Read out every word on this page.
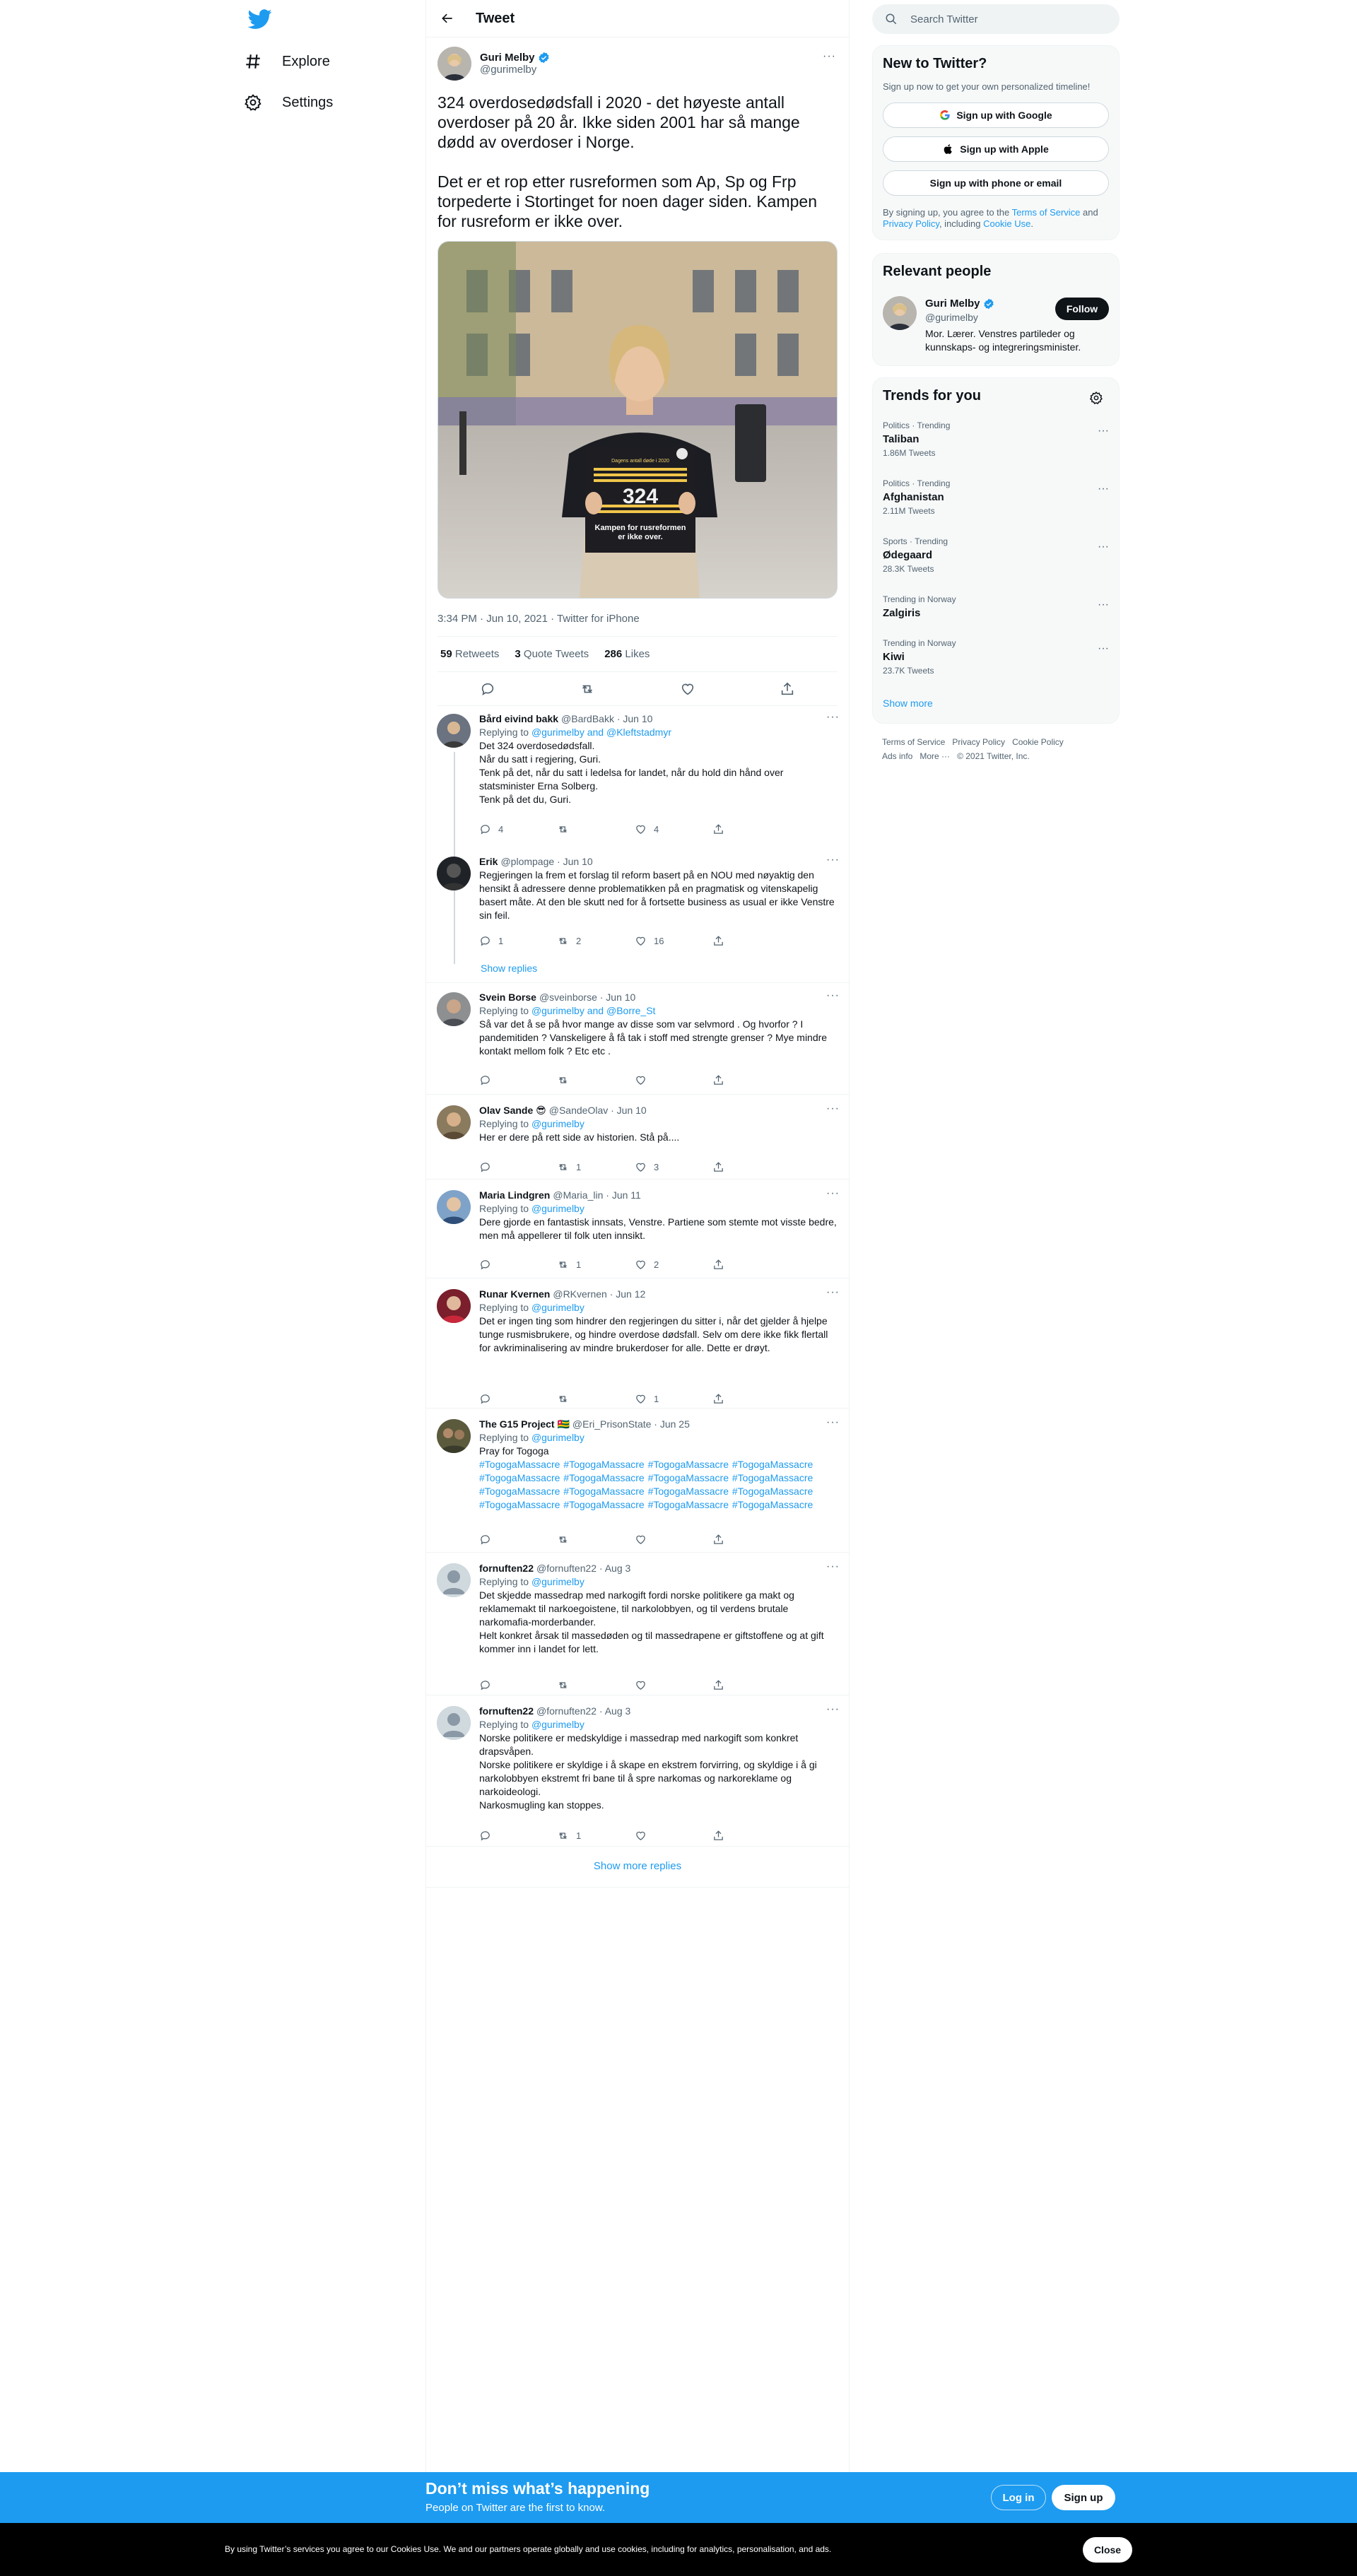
Explore
Settings
Tweet
Guri Melby
@gurimelby
···
324 overdosedødsfall i 2020 - det høyeste antall overdoser på 20 år. Ikke siden 2001 har så mange dødd av overdoser i Norge.

Det er et rop etter rusreformen som Ap, Sp og Frp torpederte i Stortinget for noen dager siden. Kampen for rusreform er ikke over.
Dagens antall døde i 2020
324
Kampen for rusreformen er ikke over.
3:34 PM · Jun 10, 2021 · Twitter for iPhone
59 Retweets 3 Quote Tweets 286 Likes
···
Bård eivind bakk @BardBakk · Jun 10
Replying to @gurimelby and @Kleftstadmyr
Det 324 overdosedødsfall.
Når du satt i regjering, Guri.
Tenk på det, når du satt i ledelsa for landet, når du hold din hånd over statsminister Erna Solberg.
Tenk på det du, Guri.
4	4
···
Erik @plompage · Jun 10
Regjeringen la frem et forslag til reform basert på en NOU med nøyaktig den hensikt å adressere denne problematikken på en pragmatisk og vitenskapelig basert måte. At den ble skutt ned for å fortsette business as usual er ikke Venstre sin feil.
1	2	16
Show replies
···
Svein Borse @sveinborse · Jun 10
Replying to @gurimelby and @Borre_St
Så var det å se på hvor mange av disse som var selvmord . Og hvorfor ? I pandemitiden ? Vanskeligere å få tak i stoff med strengte grenser ? Mye mindre kontakt mellom folk ? Etc etc .
···
Olav Sande 😎 @SandeOlav · Jun 10
Replying to @gurimelby
Her er dere på rett side av historien. Stå på....
1	3
···
Maria Lindgren @Maria_lin · Jun 11
Replying to @gurimelby
Dere gjorde en fantastisk innsats, Venstre. Partiene som stemte mot visste bedre, men må appellerer til folk uten innsikt.
1	2
···
Runar Kvernen @RKvernen · Jun 12
Replying to @gurimelby
Det er ingen ting som hindrer den regjeringen du sitter i, når det gjelder å hjelpe tunge rusmisbrukere, og hindre overdose dødsfall. Selv om dere ikke fikk flertall for avkriminalisering av mindre brukerdoser for alle. Dette er drøyt.
1
···
The G15 Project 🇹🇬 @Eri_PrisonState · Jun 25
Replying to @gurimelby
Pray for Togoga
#TogogaMassacre #TogogaMassacre #TogogaMassacre #TogogaMassacre #TogogaMassacre #TogogaMassacre #TogogaMassacre #TogogaMassacre #TogogaMassacre #TogogaMassacre #TogogaMassacre #TogogaMassacre #TogogaMassacre #TogogaMassacre #TogogaMassacre #TogogaMassacre
···
fornuften22 @fornuften22 · Aug 3
Replying to @gurimelby
Det skjedde massedrap med narkogift fordi norske politikere ga makt og reklamemakt til narkoegoistene, til narkolobbyen, og til verdens brutale narkomafia-morderbander.
Helt konkret årsak til massedøden og til massedrapene er giftstoffene og at gift kommer inn i landet for lett.
···
fornuften22 @fornuften22 · Aug 3
Replying to @gurimelby
Norske politikere er medskyldige i massedrap med narkogift som konkret drapsvåpen.
Norske politikere er skyldige i å skape en ekstrem forvirring, og skyldige i å gi narkolobbyen ekstremt fri bane til å spre narkomas og narkoreklame og narkoideologi.
Narkosmugling kan stoppes.
1
Show more replies
Search Twitter
New to Twitter?
Sign up now to get your own personalized timeline!
Sign up with Google
Sign up with Apple
Sign up with phone or email
By signing up, you agree to the Terms of Service and Privacy Policy, including Cookie Use.
Relevant people
Guri Melby
@gurimelby
Mor. Lærer. Venstres partileder og kunnskaps- og integreringsminister.
Follow
Trends for you
Politics · Trending
Taliban
1.86M Tweets
···
Politics · Trending
Afghanistan
2.11M Tweets
···
Sports · Trending
Ødegaard
28.3K Tweets
···
Trending in Norway
Zalgiris
···
Trending in Norway
Kiwi
23.7K Tweets
···
Show more
Terms of Service Privacy Policy Cookie Policy
Ads info More ··· © 2021 Twitter, Inc.
Don’t miss what’s happening
People on Twitter are the first to know.
Log in	Sign up
By using Twitter’s services you agree to our Cookies Use. We and our partners operate globally and use cookies, including for analytics, personalisation, and ads.	Close
